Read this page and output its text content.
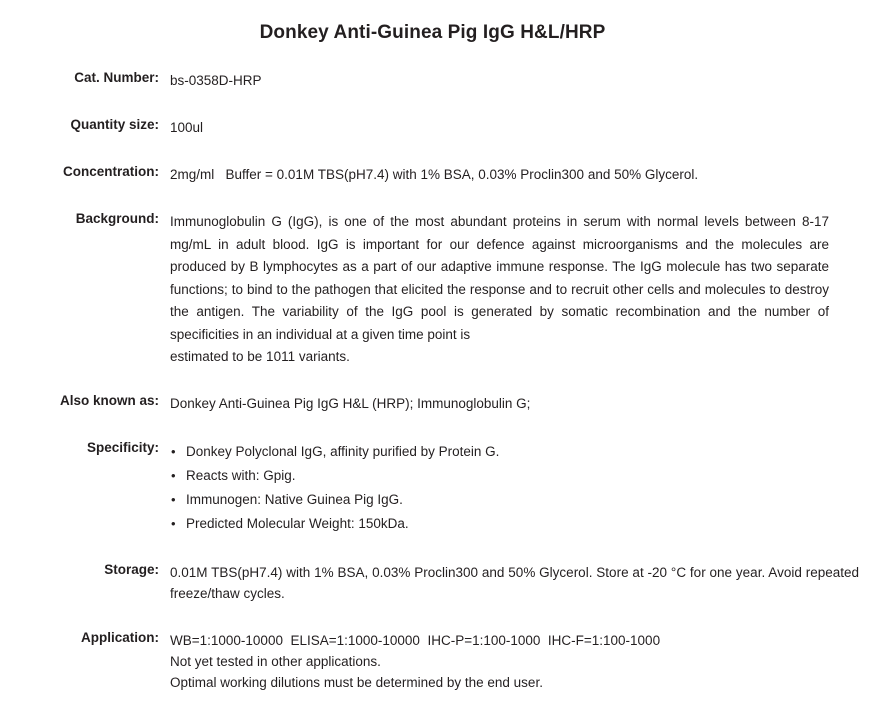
Donkey Anti-Guinea Pig IgG H&L/HRP
Cat. Number:		bs-0358D-HRP
Quantity size:		100ul
Concentration:		2mg/ml   Buffer = 0.01M TBS(pH7.4) with 1% BSA, 0.03% Proclin300 and 50% Glycerol.
Background:		Immunoglobulin G (IgG), is one of the most abundant proteins in serum with normal levels between 8-17 mg/mL in adult blood. IgG is important for our defence against microorganisms and the molecules are produced by B lymphocytes as a part of our adaptive immune response. The IgG molecule has two separate functions; to bind to the pathogen that elicited the response and to recruit other cells and molecules to destroy the antigen. The variability of the IgG pool is generated by somatic recombination and the number of specificities in an individual at a given time point is
estimated to be 1011 variants.

Also known as:		Donkey Anti-Guinea Pig IgG H&L (HRP); Immunoglobulin G;
Specificity:		
•Donkey Polyclonal IgG, affinity purified by Protein G.
• Reacts with: Gpig.
• Immunogen: Native Guinea Pig IgG.
• Predicted Molecular Weight: 150kDa.

Storage:		0.01M TBS(pH7.4) with 1% BSA, 0.03% Proclin300 and 50% Glycerol. Store at -20 °C for one year. Avoid repeated freeze/thaw cycles.
Application:		WB=1:1000-10000  ELISA=1:1000-10000  IHC-P=1:100-1000  IHC-F=1:100-1000
Not yet tested in other applications.
Optimal working dilutions must be determined by the end user.
